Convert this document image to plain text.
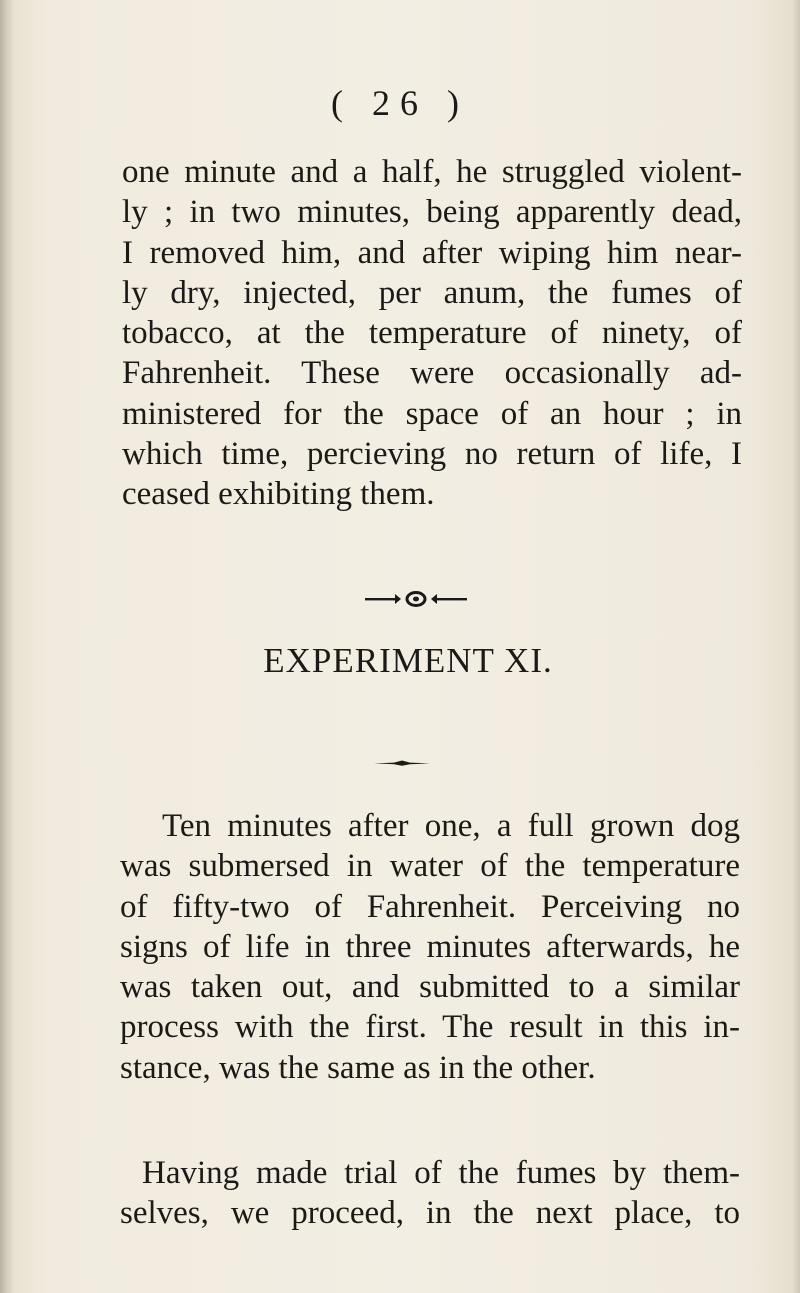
( 26 )
one minute and a half, he struggled violent-
ly ; in two minutes, being apparently dead,
I removed him, and after wiping him near-
ly dry, injected, per anum, the fumes of
tobacco, at the temperature of ninety, of
Fahrenheit. These were occasionally ad-
ministered for the space of an hour ; in
which time, percieving no return of life, I
ceased exhibiting them.
EXPERIMENT XI.
Ten minutes after one, a full grown dog
was submersed in water of the temperature
of fifty-two of Fahrenheit. Perceiving no
signs of life in three minutes afterwards, he
was taken out, and submitted to a similar
process with the first. The result in this in-
stance, was the same as in the other.
Having made trial of the fumes by them-
selves, we proceed, in the next place, to
